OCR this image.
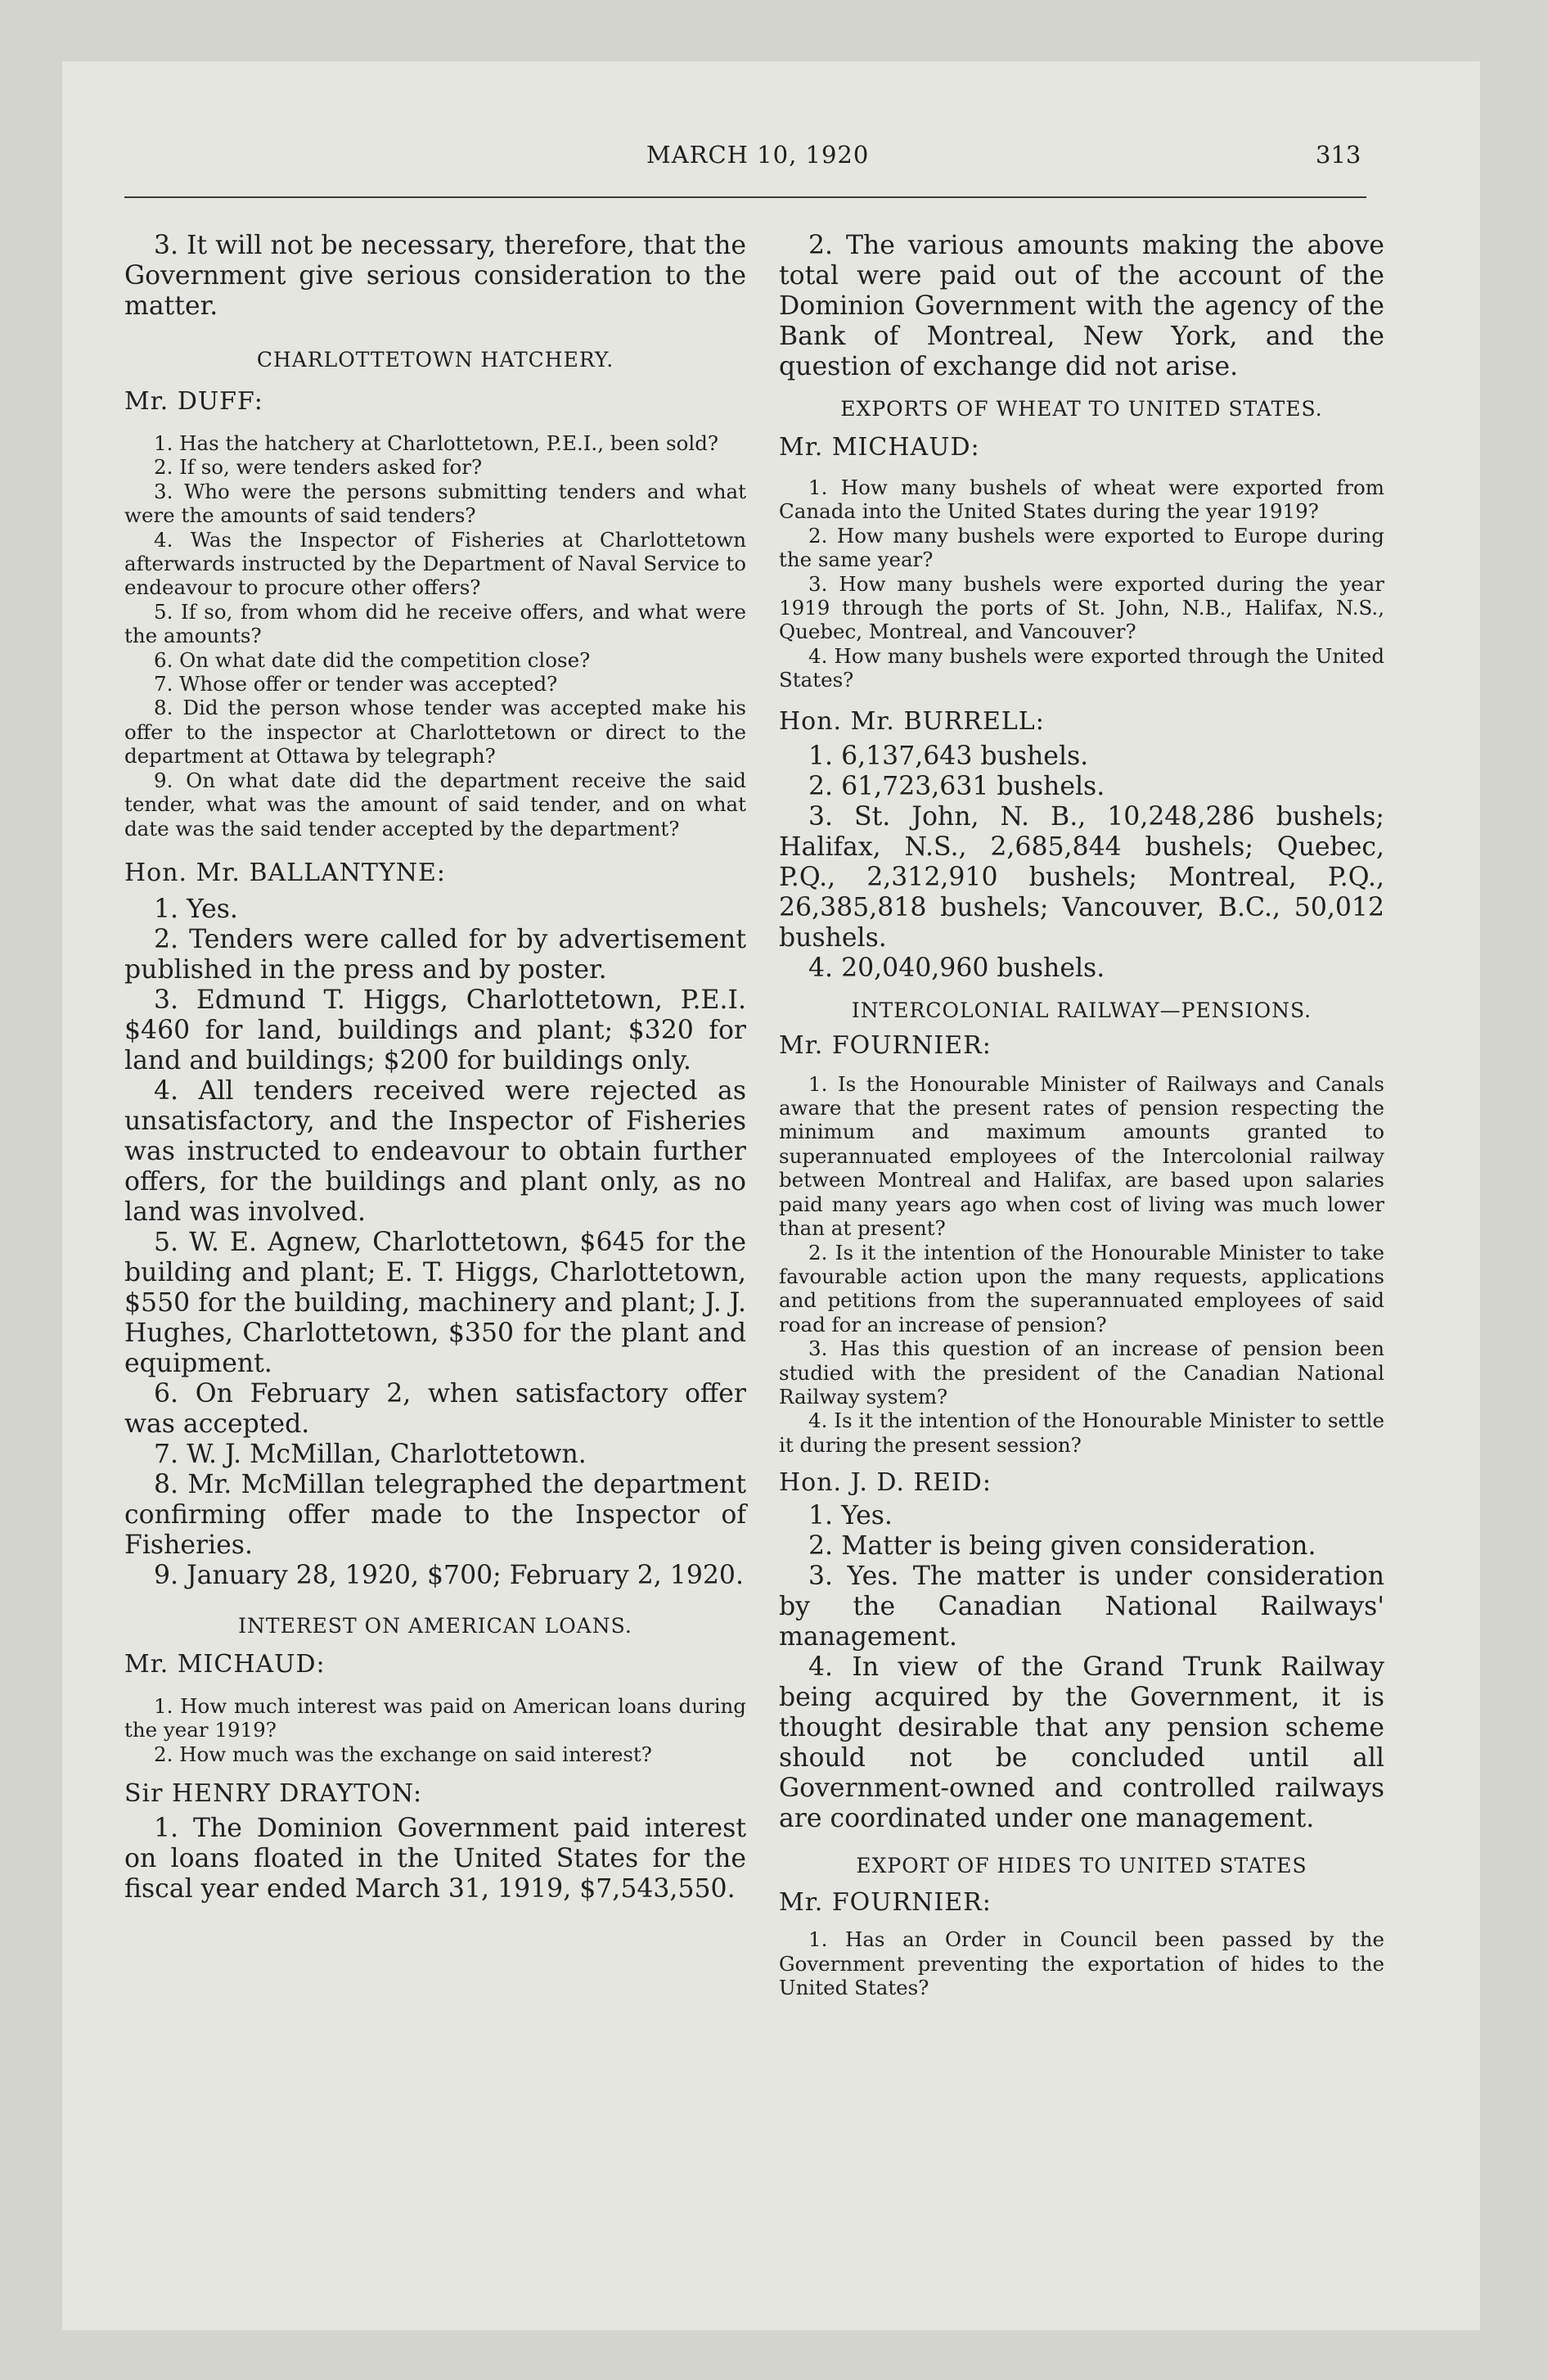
MARCH 10, 1920	313

3. It will not be necessary, therefore, that the Government give serious consideration to the matter.

CHARLOTTETOWN HATCHERY.

Mr. DUFF:

1. Has the hatchery at Charlottetown, P.E.I., been sold?

2. If so, were tenders asked for?

3. Who were the persons submitting tenders and what were the amounts of said tenders?

4. Was the Inspector of Fisheries at Charlottetown afterwards instructed by the Department of Naval Service to endeavour to procure other offers?

5. If so, from whom did he receive offers, and what were the amounts?

6. On what date did the competition close?

7. Whose offer or tender was accepted?

8. Did the person whose tender was accepted make his offer to the inspector at Charlottetown or direct to the department at Ottawa by telegraph?

9. On what date did the department receive the said tender, what was the amount of said tender, and on what date was the said tender accepted by the department?

Hon. Mr. BALLANTYNE:

1. Yes.

2. Tenders were called for by advertisement published in the press and by poster.

3. Edmund T. Higgs, Charlottetown, P.E.I. $460 for land, buildings and plant; $320 for land and buildings; $200 for buildings only.

4. All tenders received were rejected as unsatisfactory, and the Inspector of Fisheries was instructed to endeavour to obtain further offers, for the buildings and plant only, as no land was involved.

5. W. E. Agnew, Charlottetown, $645 for the building and plant; E. T. Higgs, Charlottetown, $550 for the building, machinery and plant; J. J. Hughes, Charlottetown, $350 for the plant and equipment.

6. On February 2, when satisfactory offer was accepted.

7. W. J. McMillan, Charlottetown.

8. Mr. McMillan telegraphed the department confirming offer made to the Inspector of Fisheries.

9. January 28, 1920, $700; February 2, 1920.

INTEREST ON AMERICAN LOANS.

Mr. MICHAUD:

1. How much interest was paid on American loans during the year 1919?

2. How much was the exchange on said interest?

Sir HENRY DRAYTON:

1. The Dominion Government paid interest on loans floated in the United States for the fiscal year ended March 31, 1919, $7,543,550.

2. The various amounts making the above total were paid out of the account of the Dominion Government with the agency of the Bank of Montreal, New York, and the question of exchange did not arise.

EXPORTS OF WHEAT TO UNITED STATES.

Mr. MICHAUD:

1. How many bushels of wheat were exported from Canada into the United States during the year 1919?

2. How many bushels were exported to Europe during the same year?

3. How many bushels were exported during the year 1919 through the ports of St. John, N.B., Halifax, N.S., Quebec, Montreal, and Vancouver?

4. How many bushels were exported through the United States?

Hon. Mr. BURRELL:

1. 6,137,643 bushels.

2. 61,723,631 bushels.

3. St. John, N. B., 10,248,286 bushels; Halifax, N.S., 2,685,844 bushels; Quebec, P.Q., 2,312,910 bushels; Montreal, P.Q., 26,385,818 bushels; Vancouver, B.C., 50,012 bushels.

4. 20,040,960 bushels.

INTERCOLONIAL RAILWAY—PENSIONS.

Mr. FOURNIER:

1. Is the Honourable Minister of Railways and Canals aware that the present rates of pension respecting the minimum and maximum amounts granted to superannuated employees of the Intercolonial railway between Montreal and Halifax, are based upon salaries paid many years ago when cost of living was much lower than at present?

2. Is it the intention of the Honourable Minister to take favourable action upon the many requests, applications and petitions from the superannuated employees of said road for an increase of pension?

3. Has this question of an increase of pension been studied with the president of the Canadian National Railway system?

4. Is it the intention of the Honourable Minister to settle it during the present session?

Hon. J. D. REID:

1. Yes.

2. Matter is being given consideration.

3. Yes. The matter is under consideration by the Canadian National Railways' management.

4. In view of the Grand Trunk Railway being acquired by the Government, it is thought desirable that any pension scheme should not be concluded until all Government-owned and controlled railways are coordinated under one management.

EXPORT OF HIDES TO UNITED STATES

Mr. FOURNIER:

1. Has an Order in Council been passed by the Government preventing the exportation of hides to the United States?
